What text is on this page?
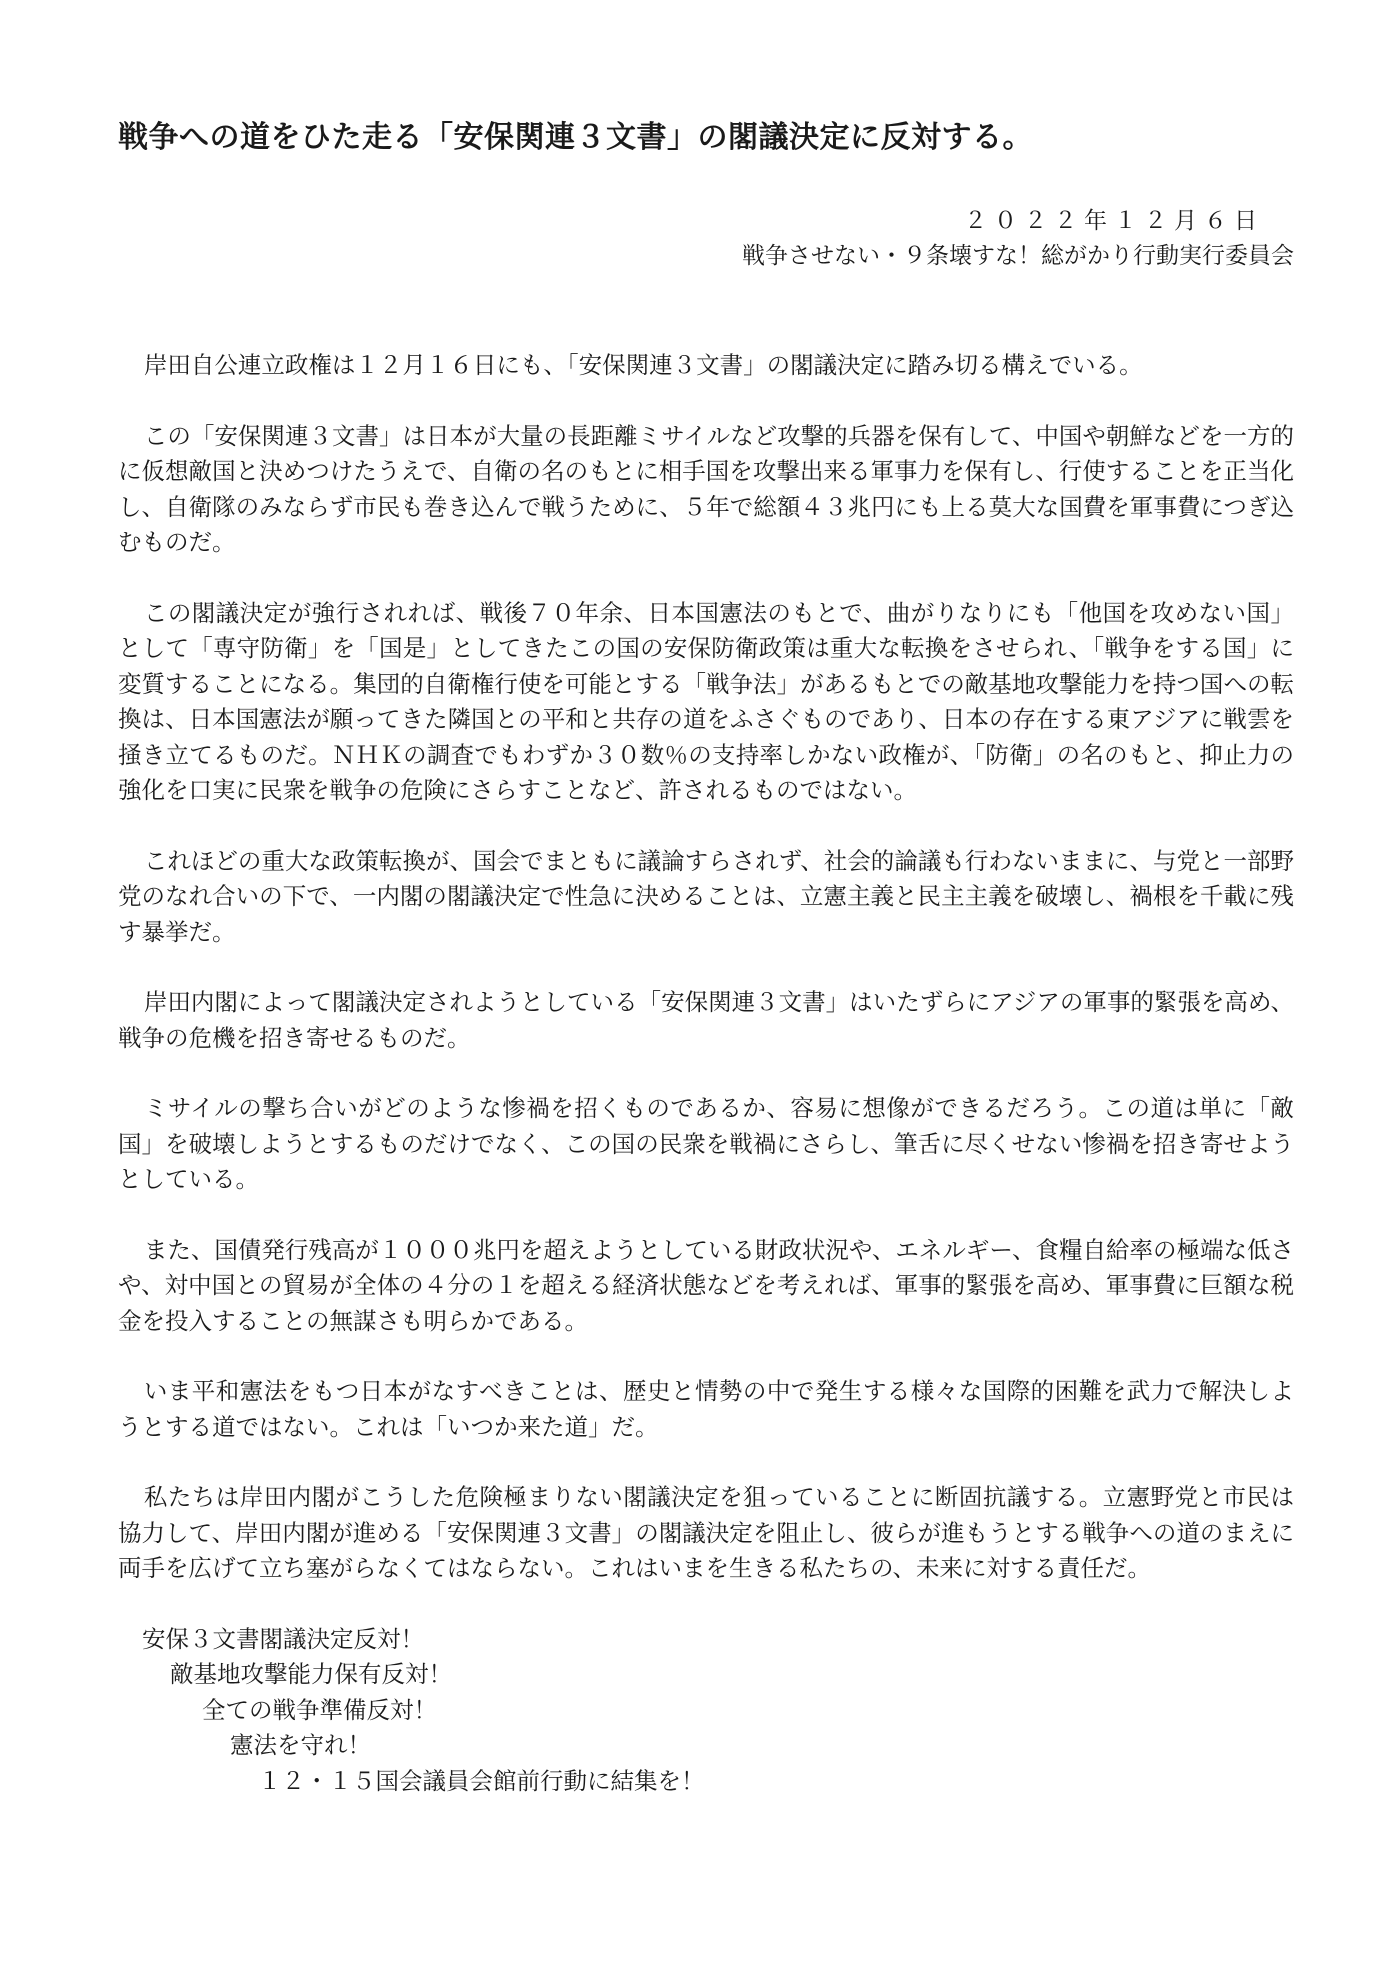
戦争への道をひた走る「安保関連３文書」の閣議決定に反対する。
２０２２年１２月６日
戦争させない・９条壊すな！総がかり行動実行委員会

岸田自公連立政権は１２月１６日にも、「安保関連３文書」の閣議決定に踏み切る構えでいる。

この「安保関連３文書」は日本が大量の長距離ミサイルなど攻撃的兵器を保有して、中国や朝鮮などを一方的に仮想敵国と決めつけたうえで、自衛の名のもとに相手国を攻撃出来る軍事力を保有し、行使することを正当化し、自衛隊のみならず市民も巻き込んで戦うために、５年で総額４３兆円にも上る莫大な国費を軍事費につぎ込むものだ。

この閣議決定が強行されれば、戦後７０年余、日本国憲法のもとで、曲がりなりにも「他国を攻めない国」として「専守防衛」を「国是」としてきたこの国の安保防衛政策は重大な転換をさせられ、「戦争をする国」に変質することになる。集団的自衛権行使を可能とする「戦争法」があるもとでの敵基地攻撃能力を持つ国への転換は、日本国憲法が願ってきた隣国との平和と共存の道をふさぐものであり、日本の存在する東アジアに戦雲を掻き立てるものだ。ＮＨＫの調査でもわずか３０数％の支持率しかない政権が、「防衛」の名のもと、抑止力の強化を口実に民衆を戦争の危険にさらすことなど、許されるものではない。

これほどの重大な政策転換が、国会でまともに議論すらされず、社会的論議も行わないままに、与党と一部野党のなれ合いの下で、一内閣の閣議決定で性急に決めることは、立憲主義と民主主義を破壊し、禍根を千載に残す暴挙だ。

岸田内閣によって閣議決定されようとしている「安保関連３文書」はいたずらにアジアの軍事的緊張を高め、戦争の危機を招き寄せるものだ。

ミサイルの撃ち合いがどのような惨禍を招くものであるか、容易に想像ができるだろう。この道は単に「敵国」を破壊しようとするものだけでなく、この国の民衆を戦禍にさらし、筆舌に尽くせない惨禍を招き寄せようとしている。

また、国債発行残高が１０００兆円を超えようとしている財政状況や、エネルギー、食糧自給率の極端な低さや、対中国との貿易が全体の４分の１を超える経済状態などを考えれば、軍事的緊張を高め、軍事費に巨額な税金を投入することの無謀さも明らかである。

いま平和憲法をもつ日本がなすべきことは、歴史と情勢の中で発生する様々な国際的困難を武力で解決しようとする道ではない。これは「いつか来た道」だ。

私たちは岸田内閣がこうした危険極まりない閣議決定を狙っていることに断固抗議する。立憲野党と市民は協力して、岸田内閣が進める「安保関連３文書」の閣議決定を阻止し、彼らが進もうとする戦争への道のまえに両手を広げて立ち塞がらなくてはならない。これはいまを生きる私たちの、未来に対する責任だ。

安保３文書閣議決定反対！
敵基地攻撃能力保有反対！
全ての戦争準備反対！
憲法を守れ！
１２・１５国会議員会館前行動に結集を！
